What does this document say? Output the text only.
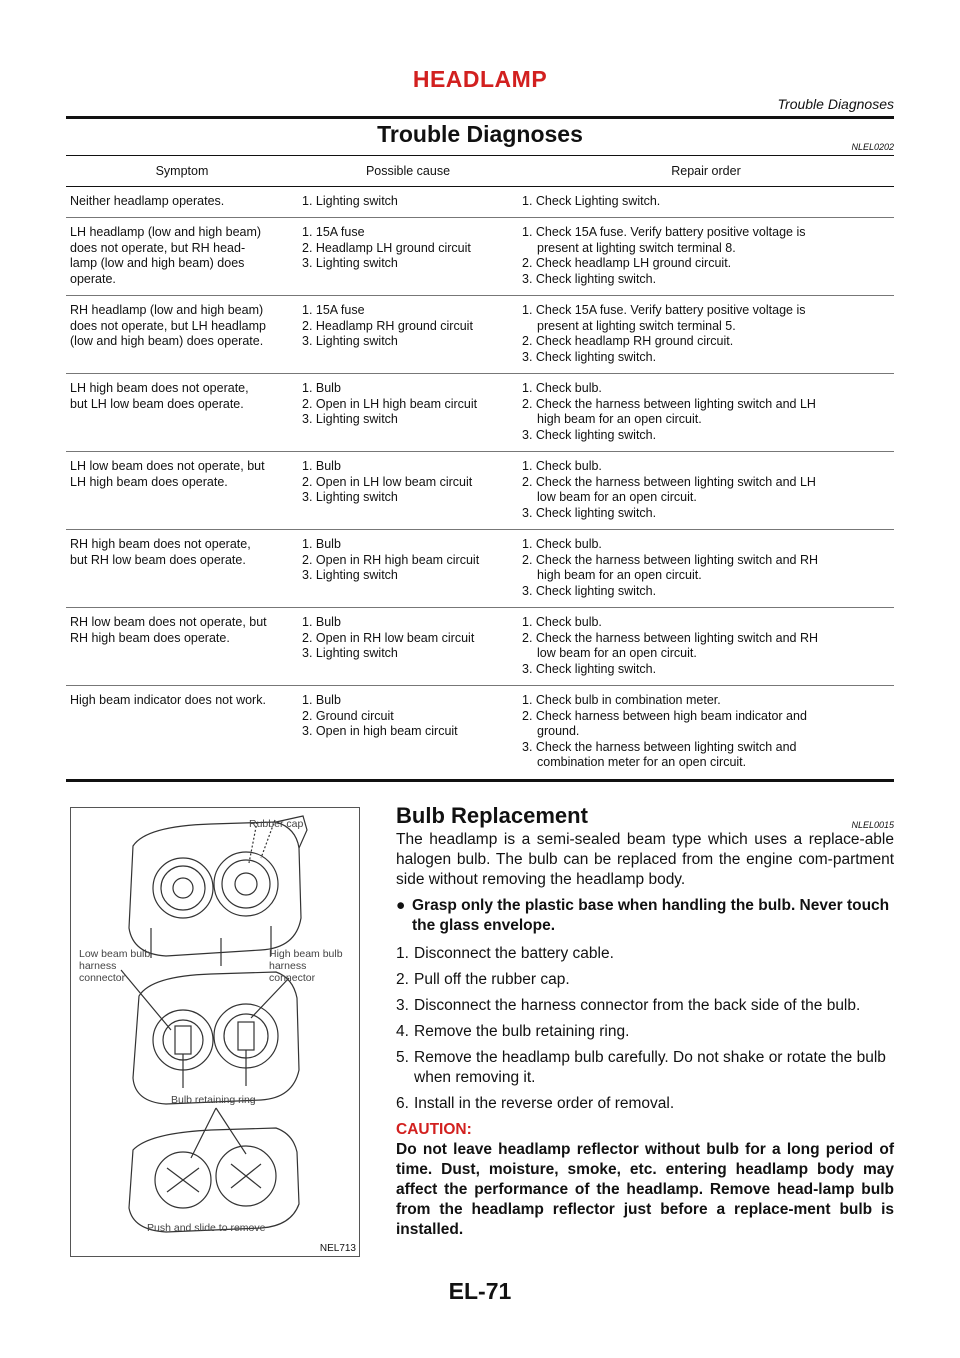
HEADLAMP
Trouble Diagnoses
Trouble Diagnoses	NLEL0202
Symptom	Possible cause	Repair order

Neither headlamp operates.	1. Lighting switch	1. Check Lighting switch.

LH headlamp (low and high beam)
does not operate, but RH head-
lamp (low and high beam) does
operate.	1. 15A fuse
2. Headlamp LH ground circuit
3. Lighting switch	1. Check 15A fuse. Verify battery positive voltage is
present at lighting switch terminal 8.
2. Check headlamp LH ground circuit.
3. Check lighting switch.

RH headlamp (low and high beam)
does not operate, but LH headlamp
(low and high beam) does operate.	1. 15A fuse
2. Headlamp RH ground circuit
3. Lighting switch	1. Check 15A fuse. Verify battery positive voltage is
present at lighting switch terminal 5.
2. Check headlamp RH ground circuit.
3. Check lighting switch.

LH high beam does not operate,
but LH low beam does operate.	1. Bulb
2. Open in LH high beam circuit
3. Lighting switch	1. Check bulb.
2. Check the harness between lighting switch and LH
high beam for an open circuit.
3. Check lighting switch.

LH low beam does not operate, but
LH high beam does operate.	1. Bulb
2. Open in LH low beam circuit
3. Lighting switch	1. Check bulb.
2. Check the harness between lighting switch and LH
low beam for an open circuit.
3. Check lighting switch.

RH high beam does not operate,
but RH low beam does operate.	1. Bulb
2. Open in RH high beam circuit
3. Lighting switch	1. Check bulb.
2. Check the harness between lighting switch and RH
high beam for an open circuit.
3. Check lighting switch.

RH low beam does not operate, but
RH high beam does operate.	1. Bulb
2. Open in RH low beam circuit
3. Lighting switch	1. Check bulb.
2. Check the harness between lighting switch and RH
low beam for an open circuit.
3. Check lighting switch.

High beam indicator does not work.	1. Bulb
2. Ground circuit
3. Open in high beam circuit	1. Check bulb in combination meter.
2. Check harness between high beam indicator and
ground.
3. Check the harness between lighting switch and
combination meter for an open circuit.
Rubber cap
Low beam bulb
harness
connector
High beam bulb
harness
connector
Bulb retaining ring
Push and slide to remove
NEL713
Bulb Replacement	NLEL0015

The headlamp is a semi-sealed beam type which uses a replace-able halogen bulb. The bulb can be replaced from the engine com-partment side without removing the headlamp body.

● Grasp only the plastic base when handling the bulb. Never touch the glass envelope.
1. Disconnect the battery cable.
2. Pull off the rubber cap.
3. Disconnect the harness connector from the back side of the bulb.
4. Remove the bulb retaining ring.
5. Remove the headlamp bulb carefully. Do not shake or rotate the bulb when removing it.
6. Install in the reverse order of removal.
CAUTION:
Do not leave headlamp reflector without bulb for a long period of time. Dust, moisture, smoke, etc. entering headlamp body may affect the performance of the headlamp. Remove head-lamp bulb from the headlamp reflector just before a replace-ment bulb is installed.
EL-71
